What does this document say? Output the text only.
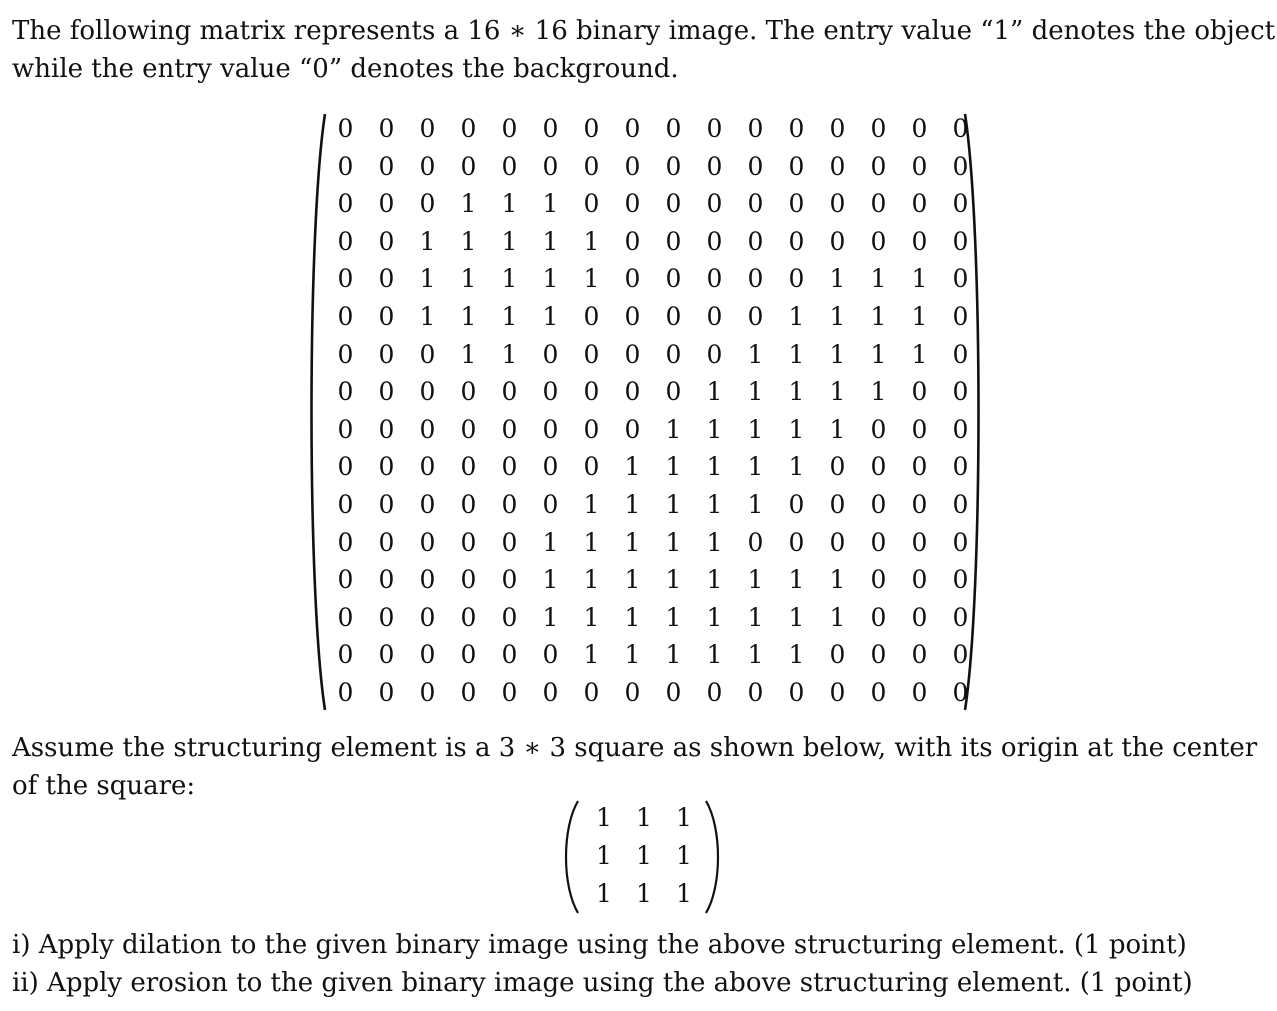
The following matrix represents a 16 ∗ 16 binary image. The entry value “1” denotes the object
while the entry value “0” denotes the background.
0	0	0	0	0	0	0	0	0	0	0	0	0	0	0	0
0	0	0	0	0	0	0	0	0	0	0	0	0	0	0	0
0	0	0	1	1	1	0	0	0	0	0	0	0	0	0	0
0	0	1	1	1	1	1	0	0	0	0	0	0	0	0	0
0	0	1	1	1	1	1	0	0	0	0	0	1	1	1	0
0	0	1	1	1	1	0	0	0	0	0	1	1	1	1	0
0	0	0	1	1	0	0	0	0	0	1	1	1	1	1	0
0	0	0	0	0	0	0	0	0	1	1	1	1	1	0	0
0	0	0	0	0	0	0	0	1	1	1	1	1	0	0	0
0	0	0	0	0	0	0	1	1	1	1	1	0	0	0	0
0	0	0	0	0	0	1	1	1	1	1	0	0	0	0	0
0	0	0	0	0	1	1	1	1	1	0	0	0	0	0	0
0	0	0	0	0	1	1	1	1	1	1	1	1	0	0	0
0	0	0	0	0	1	1	1	1	1	1	1	1	0	0	0
0	0	0	0	0	0	1	1	1	1	1	1	0	0	0	0
0	0	0	0	0	0	0	0	0	0	0	0	0	0	0	0
Assume the structuring element is a 3 ∗ 3 square as shown below, with its origin at the center
of the square:
1 1 1
1 1 1
1 1 1
i) Apply dilation to the given binary image using the above structuring element. (1 point)
ii) Apply erosion to the given binary image using the above structuring element. (1 point)
